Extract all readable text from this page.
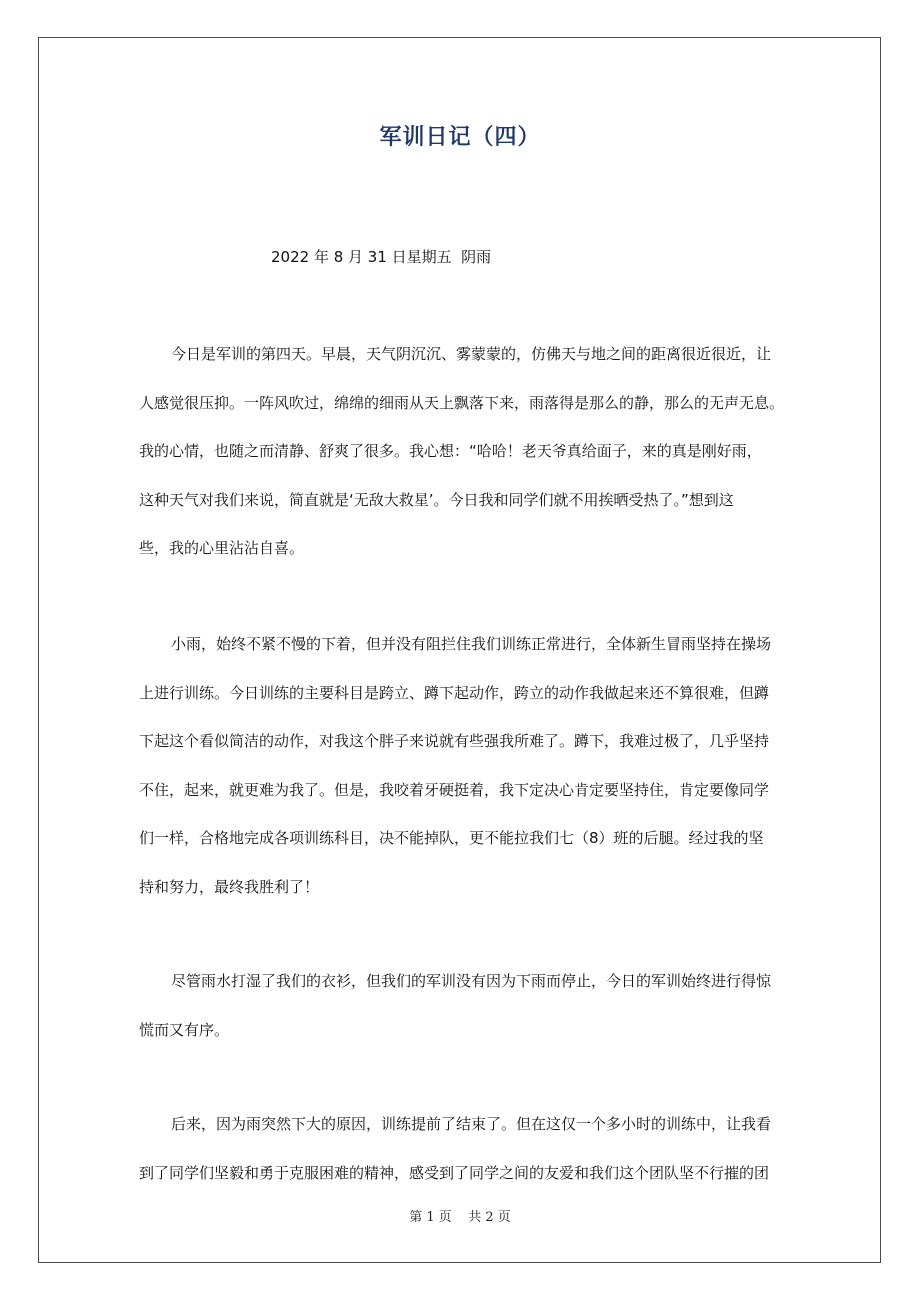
军训日记（四）
2022 年 8 月 31 日星期五  阴雨
今日是军训的第四天。早晨，天气阴沉沉、雾蒙蒙的，仿佛天与地之间的距离很近很近，让
人感觉很压抑。一阵风吹过，绵绵的细雨从天上飘落下来，雨落得是那么的静，那么的无声无息。
我的心情，也随之而清静、舒爽了很多。我心想：“哈哈！老天爷真给面子，来的真是刚好雨，
这种天气对我们来说，简直就是‘无敌大救星’。今日我和同学们就不用挨晒受热了。”想到这
些，我的心里沾沾自喜。
小雨，始终不紧不慢的下着，但并没有阻拦住我们训练正常进行，全体新生冒雨坚持在操场
上进行训练。今日训练的主要科目是跨立、蹲下起动作，跨立的动作我做起来还不算很难，但蹲
下起这个看似简洁的动作，对我这个胖子来说就有些强我所难了。蹲下，我难过极了，几乎坚持
不住，起来，就更难为我了。但是，我咬着牙硬挺着，我下定决心肯定要坚持住，肯定要像同学
们一样，合格地完成各项训练科目，决不能掉队，更不能拉我们七（8）班的后腿。经过我的坚
持和努力，最终我胜利了！
尽管雨水打湿了我们的衣衫，但我们的军训没有因为下雨而停止，今日的军训始终进行得惊
慌而又有序。
后来，因为雨突然下大的原因，训练提前了结束了。但在这仅一个多小时的训练中，让我看
到了同学们坚毅和勇于克服困难的精神，感受到了同学之间的友爱和我们这个团队坚不行摧的团
第 1 页    共 2 页
